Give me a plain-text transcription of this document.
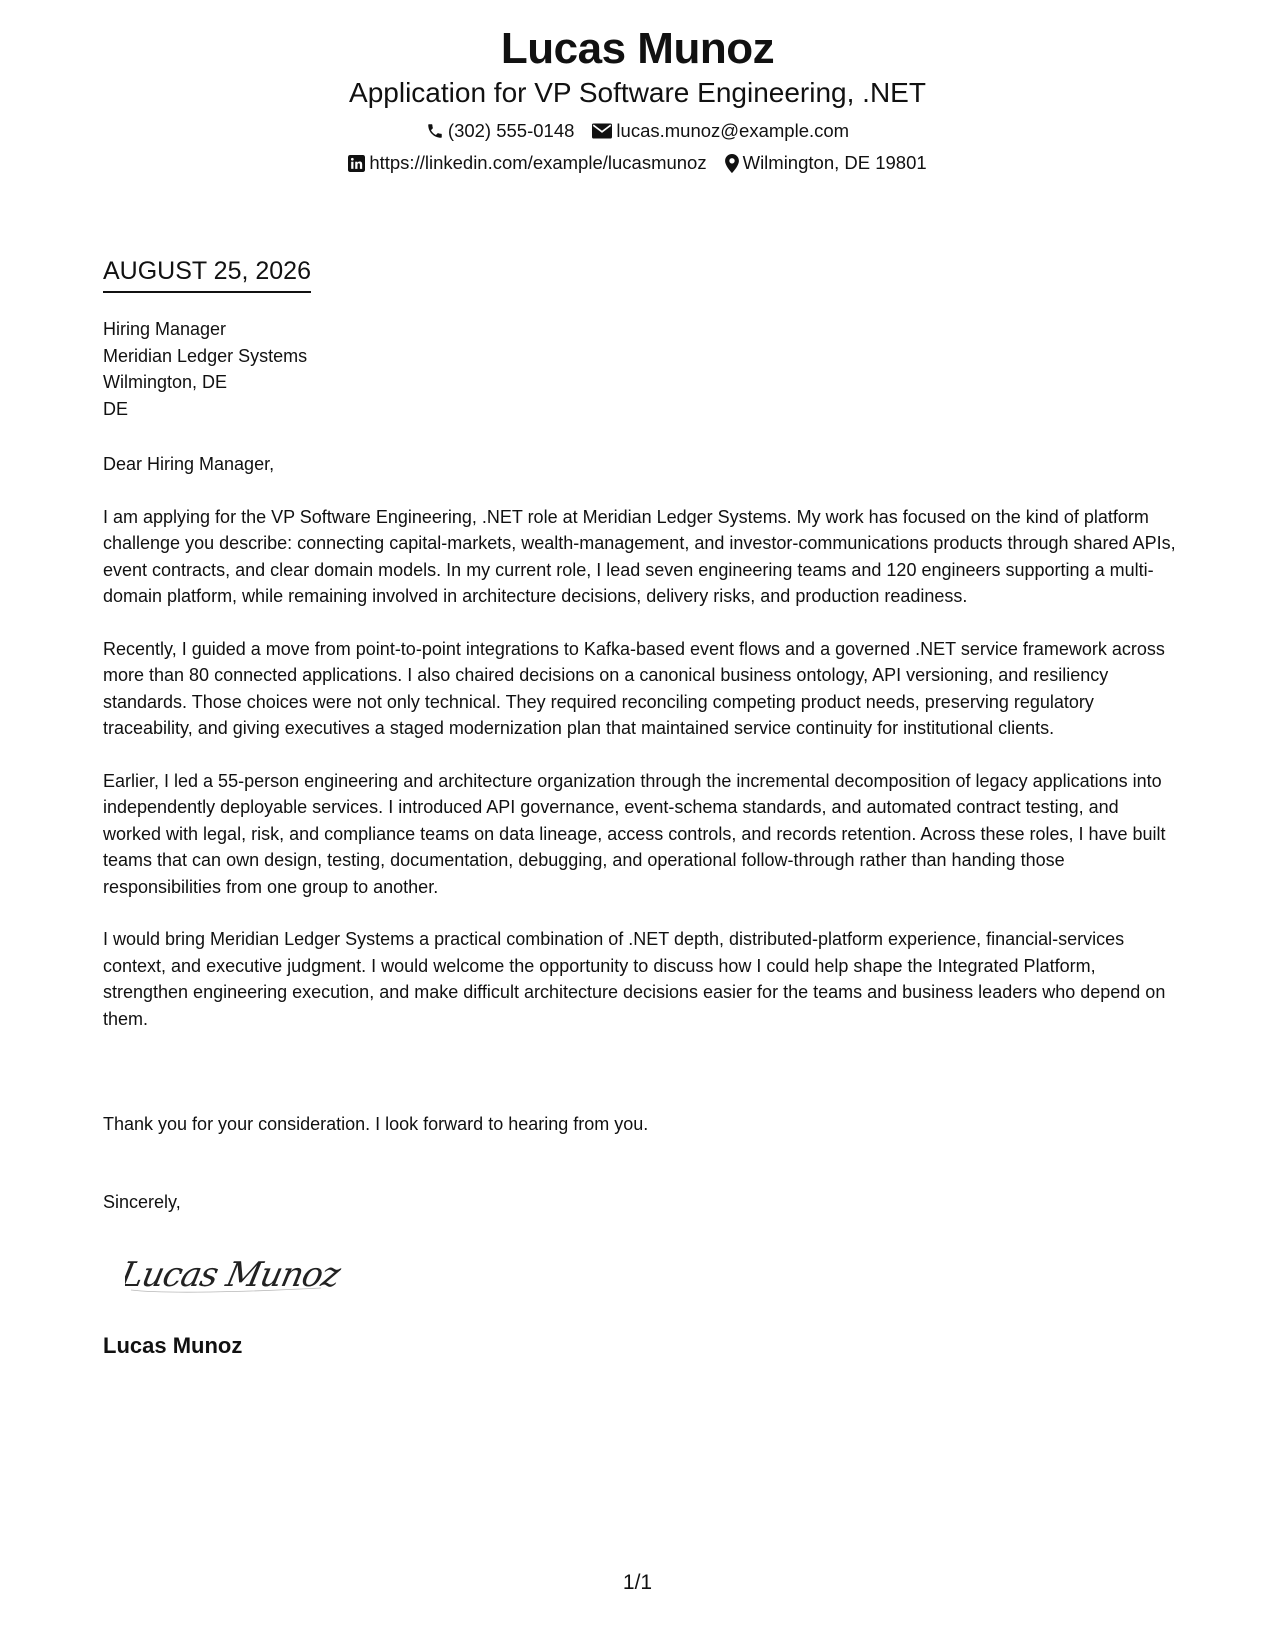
Lucas Munoz
Application for VP Software Engineering, .NET
(302) 555-0148 lucas.munoz@example.com
https://linkedin.com/example/lucasmunoz Wilmington, DE 19801
AUGUST 25, 2026
Hiring Manager
Meridian Ledger Systems
Wilmington, DE
DE
Dear Hiring Manager,

I am applying for the VP Software Engineering, .NET role at Meridian Ledger Systems. My work has focused on the kind of platform challenge you describe: connecting capital-markets, wealth-management, and investor-communications products through shared APIs, event contracts, and clear domain models. In my current role, I lead seven engineering teams and 120 engineers supporting a multi-domain platform, while remaining involved in architecture decisions, delivery risks, and production readiness.

Recently, I guided a move from point-to-point integrations to Kafka-based event flows and a governed .NET service framework across more than 80 connected applications. I also chaired decisions on a canonical business ontology, API versioning, and resiliency standards. Those choices were not only technical. They required reconciling competing product needs, preserving regulatory traceability, and giving executives a staged modernization plan that maintained service continuity for institutional clients.

Earlier, I led a 55-person engineering and architecture organization through the incremental decomposition of legacy applications into independently deployable services. I introduced API governance, event-schema standards, and automated contract testing, and worked with legal, risk, and compliance teams on data lineage, access controls, and records retention. Across these roles, I have built teams that can own design, testing, documentation, debugging, and operational follow-through rather than handing those responsibilities from one group to another.

I would bring Meridian Ledger Systems a practical combination of .NET depth, distributed-platform experience, financial-services context, and executive judgment. I would welcome the opportunity to discuss how I could help shape the Integrated Platform, strengthen engineering execution, and make difficult architecture decisions easier for the teams and business leaders who depend on them.

Thank you for your consideration. I look forward to hearing from you.
Sincerely,
Lucas Munoz
Lucas Munoz
1/1
